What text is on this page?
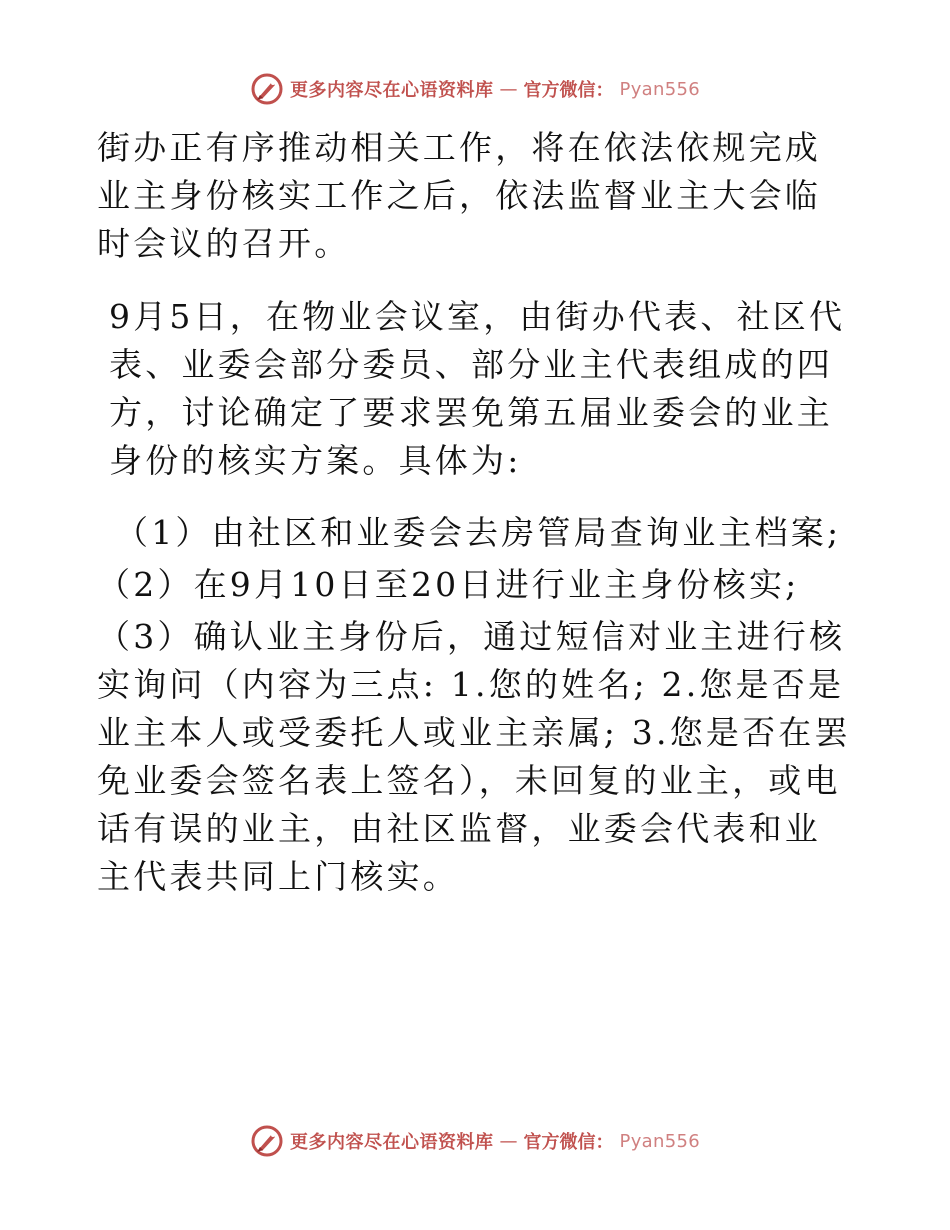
更多内容尽在心语资料库 — 官方微信： Pyan556

街办正有序推动相关工作，将在依法依规完成业主身份核实工作之后，依法监督业主大会临时会议的召开。

9月5日，在物业会议室，由街办代表、社区代表、业委会部分委员、部分业主代表组成的四方，讨论确定了要求罢免第五届业委会的业主身份的核实方案。具体为:

（1）由社区和业委会去房管局查询业主档案;

（2）在9月10日至20日进行业主身份核实;

（3）确认业主身份后，通过短信对业主进行核实询问（内容为三点: 1.您的姓名; 2.您是否是业主本人或受委托人或业主亲属; 3.您是否在罢免业委会签名表上签名），未回复的业主，或电话有误的业主，由社区监督，业委会代表和业主代表共同上门核实。

更多内容尽在心语资料库 — 官方微信： Pyan556
